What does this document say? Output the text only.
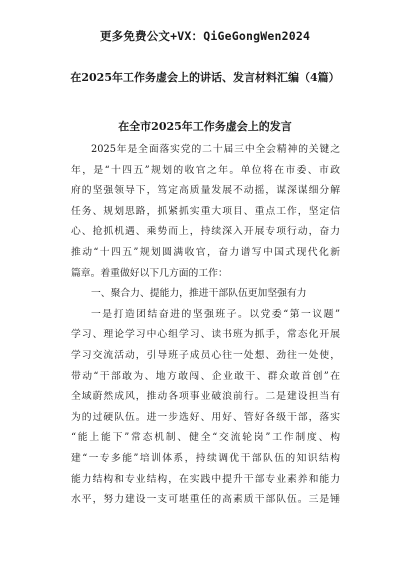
更多免费公文+VX：QiGeGongWen2024
在2025年工作务虚会上的讲话、发言材料汇编（4篇）
在全市2025年工作务虚会上的发言
2025年是全面落实党的二十届三中全会精神的关键之
年，是“十四五”规划的收官之年。单位将在市委、市政
府的坚强领导下，笃定高质量发展不动摇，谋深谋细分解
任务、规划思路，抓紧抓实重大项目、重点工作，坚定信
心、抢抓机遇、乘势而上，持续深入开展专项行动，奋力
推动“十四五”规划圆满收官，奋力谱写中国式现代化新
篇章。着重做好以下几方面的工作：
一、聚合力、提能力，推进干部队伍更加坚强有力
一是打造团结奋进的坚强班子。以党委“第一议题”
学习、理论学习中心组学习、读书班为抓手，常态化开展
学习交流活动，引导班子成员心往一处想、劲往一处使，
带动“干部敢为、地方敢闯、企业敢干、群众敢首创”在
全域蔚然成风，推动各项事业破浪前行。二是建设担当有
为的过硬队伍。进一步选好、用好、管好各级干部，落实
“能上能下”常态机制、健全“交流轮岗”工作制度、构
建“一专多能”培训体系，持续调优干部队伍的知识结构
能力结构和专业结构，在实践中提升干部专业素养和能力
水平，努力建设一支可堪重任的高素质干部队伍。三是锤
